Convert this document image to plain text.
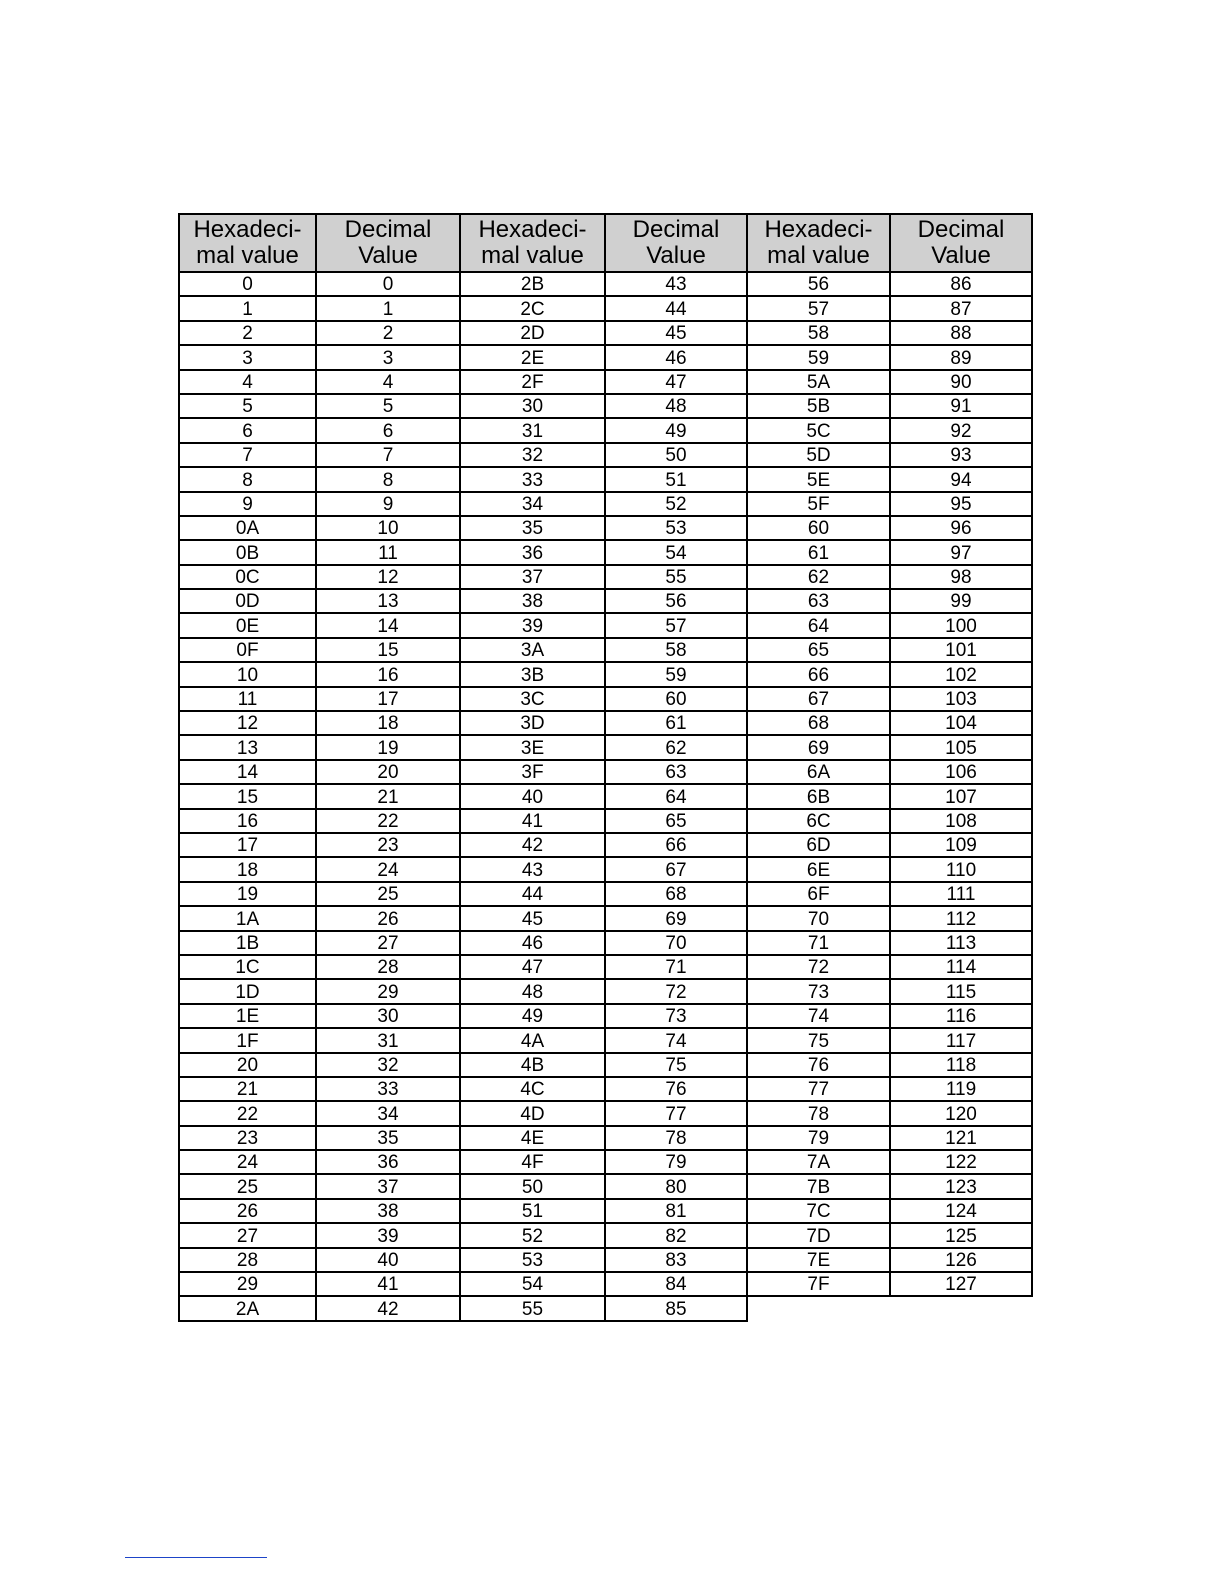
Hexadeci-
mal value	Decimal
Value	Hexadeci-
mal value	Decimal
Value	Hexadeci-
mal value	Decimal
Value

0	0	2B	43	56	86
1	1	2C	44	57	87
2	2	2D	45	58	88
3	3	2E	46	59	89
4	4	2F	47	5A	90
5	5	30	48	5B	91
6	6	31	49	5C	92
7	7	32	50	5D	93
8	8	33	51	5E	94
9	9	34	52	5F	95
0A	10	35	53	60	96
0B	11	36	54	61	97
0C	12	37	55	62	98
0D	13	38	56	63	99
0E	14	39	57	64	100
0F	15	3A	58	65	101
10	16	3B	59	66	102
11	17	3C	60	67	103
12	18	3D	61	68	104
13	19	3E	62	69	105
14	20	3F	63	6A	106
15	21	40	64	6B	107
16	22	41	65	6C	108
17	23	42	66	6D	109
18	24	43	67	6E	110
19	25	44	68	6F	111
1A	26	45	69	70	112
1B	27	46	70	71	113
1C	28	47	71	72	114
1D	29	48	72	73	115
1E	30	49	73	74	116
1F	31	4A	74	75	117
20	32	4B	75	76	118
21	33	4C	76	77	119
22	34	4D	77	78	120
23	35	4E	78	79	121
24	36	4F	79	7A	122
25	37	50	80	7B	123
26	38	51	81	7C	124
27	39	52	82	7D	125
28	40	53	83	7E	126
29	41	54	84	7F	127
2A	42	55	85		
